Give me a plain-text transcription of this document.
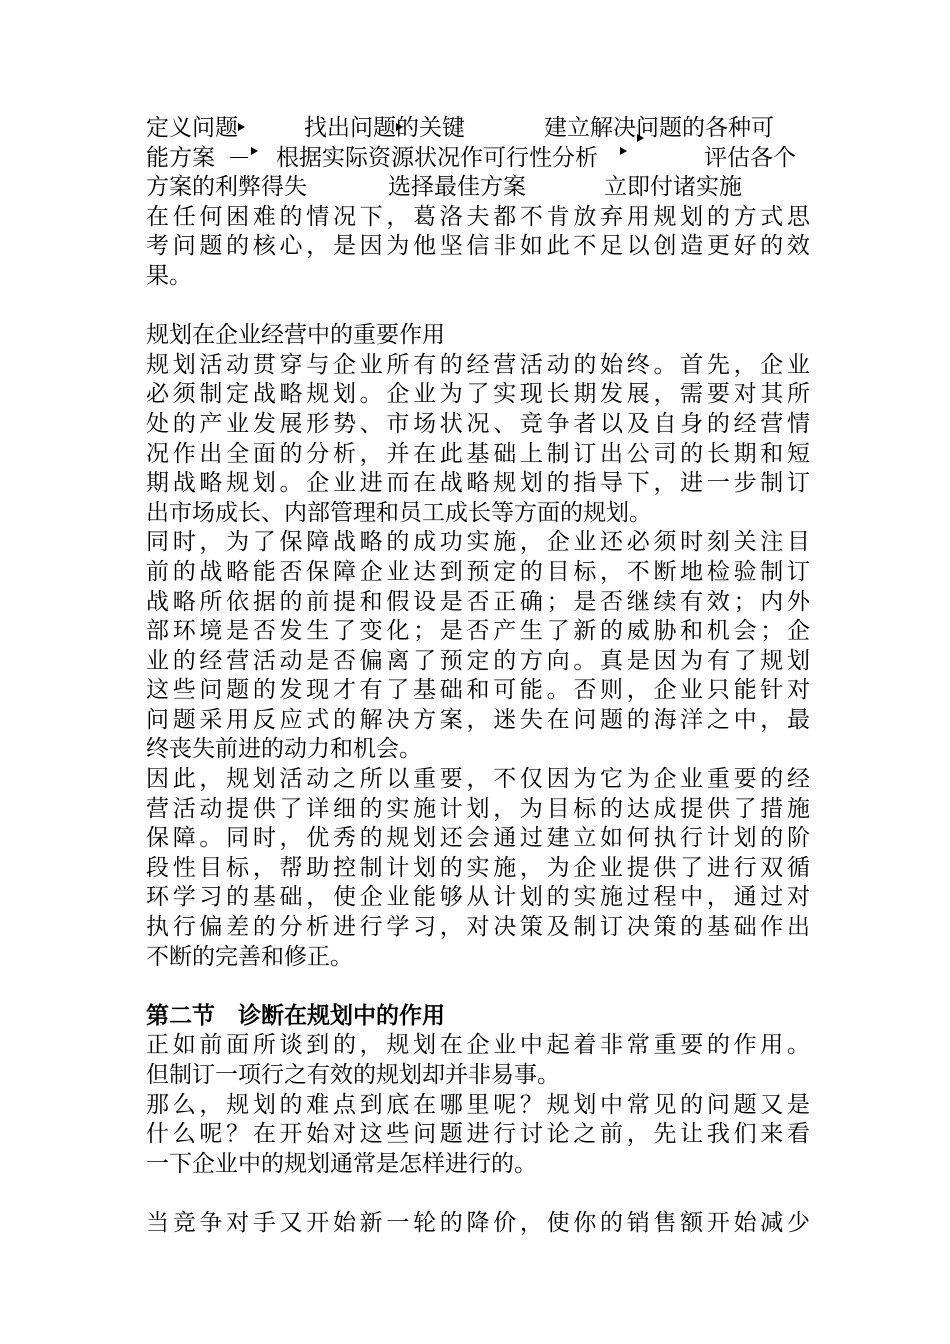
定义问题	找出问题的关键	建立解决问题的各种可
能方案	根据实际资源状况作可行性分析	评估各个
方案的利弊得失	选择最佳方案	立即付诸实施
在任何困难的情况下，葛洛夫都不肯放弃用规划的方式思
考问题的核心，是因为他坚信非如此不足以创造更好的效
果。
规划在企业经营中的重要作用
规划活动贯穿与企业所有的经营活动的始终。首先，企业
必须制定战略规划。企业为了实现长期发展，需要对其所
处的产业发展形势、市场状况、竞争者以及自身的经营情
况作出全面的分析，并在此基础上制订出公司的长期和短
期战略规划。企业进而在战略规划的指导下，进一步制订
出市场成长、内部管理和员工成长等方面的规划。
同时，为了保障战略的成功实施，企业还必须时刻关注目
前的战略能否保障企业达到预定的目标，不断地检验制订
战略所依据的前提和假设是否正确；是否继续有效；内外
部环境是否发生了变化；是否产生了新的威胁和机会；企
业的经营活动是否偏离了预定的方向。真是因为有了规划
这些问题的发现才有了基础和可能。否则，企业只能针对
问题采用反应式的解决方案，迷失在问题的海洋之中，最
终丧失前进的动力和机会。
因此，规划活动之所以重要，不仅因为它为企业重要的经
营活动提供了详细的实施计划，为目标的达成提供了措施
保障。同时，优秀的规划还会通过建立如何执行计划的阶
段性目标，帮助控制计划的实施，为企业提供了进行双循
环学习的基础，使企业能够从计划的实施过程中，通过对
执行偏差的分析进行学习，对决策及制订决策的基础作出
不断的完善和修正。
第二节　诊断在规划中的作用
正如前面所谈到的，规划在企业中起着非常重要的作用。
但制订一项行之有效的规划却并非易事。
那么，规划的难点到底在哪里呢？规划中常见的问题又是
什么呢？在开始对这些问题进行讨论之前，先让我们来看
一下企业中的规划通常是怎样进行的。
当竞争对手又开始新一轮的降价，使你的销售额开始减少
